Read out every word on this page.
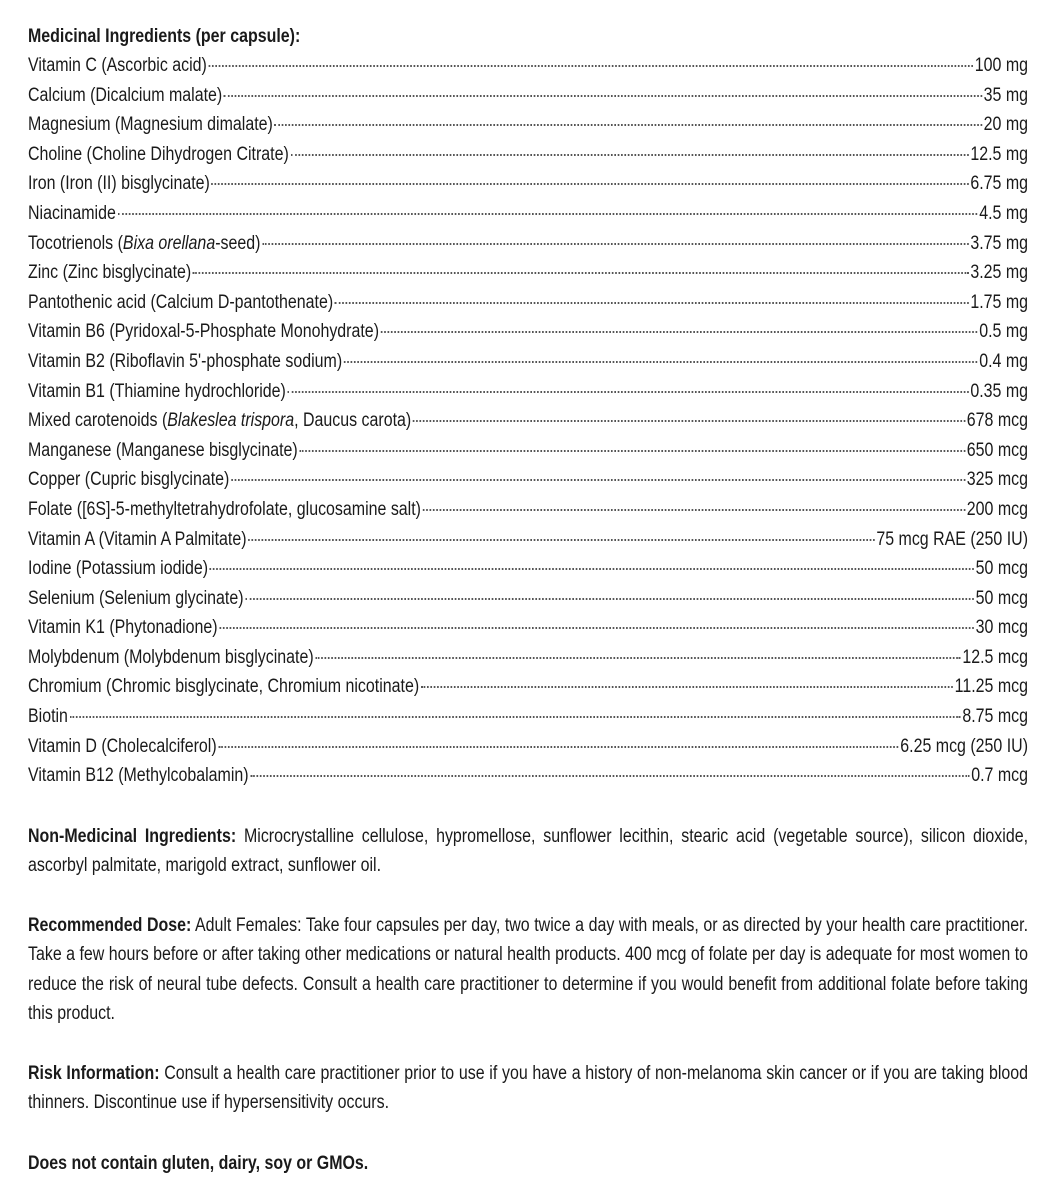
Medicinal Ingredients (per capsule):
Vitamin C (Ascorbic acid)	100 mg
Calcium (Dicalcium malate)	35 mg
Magnesium (Magnesium dimalate)	20 mg
Choline (Choline Dihydrogen Citrate)	12.5 mg
Iron (Iron (II) bisglycinate)	6.75 mg
Niacinamide	4.5 mg
Tocotrienols (Bixa orellana-seed)	3.75 mg
Zinc (Zinc bisglycinate)	3.25 mg
Pantothenic acid (Calcium D-pantothenate)	1.75 mg
Vitamin B6 (Pyridoxal-5-Phosphate Monohydrate)	0.5 mg
Vitamin B2 (Riboflavin 5'-phosphate sodium)	0.4 mg
Vitamin B1 (Thiamine hydrochloride)	0.35 mg
Mixed carotenoids (Blakeslea trispora, Daucus carota)	678 mcg
Manganese (Manganese bisglycinate)	650 mcg
Copper (Cupric bisglycinate)	325 mcg
Folate ([6S]-5-methyltetrahydrofolate, glucosamine salt)	200 mcg
Vitamin A (Vitamin A Palmitate)	75 mcg RAE (250 IU)
Iodine (Potassium iodide)	50 mcg
Selenium (Selenium glycinate)	50 mcg
Vitamin K1 (Phytonadione)	30 mcg
Molybdenum (Molybdenum bisglycinate)	12.5 mcg
Chromium (Chromic bisglycinate, Chromium nicotinate)	11.25 mcg
Biotin	8.75 mcg
Vitamin D (Cholecalciferol)	6.25 mcg (250 IU)
Vitamin B12 (Methylcobalamin)	0.7 mcg
Non-Medicinal Ingredients: Microcrystalline cellulose, hypromellose, sunflower lecithin, stearic acid (vegetable source), silicon dioxide, ascorbyl palmitate, marigold extract, sunflower oil.
Recommended Dose: Adult Females: Take four capsules per day, two twice a day with meals, or as directed by your health care practitioner. Take a few hours before or after taking other medications or natural health products. 400 mcg of folate per day is adequate for most women to reduce the risk of neural tube defects. Consult a health care practitioner to determine if you would benefit from additional folate before taking this product.
Risk Information: Consult a health care practitioner prior to use if you have a history of non-melanoma skin cancer or if you are taking blood thinners. Discontinue use if hypersensitivity occurs.
Does not contain gluten, dairy, soy or GMOs.
